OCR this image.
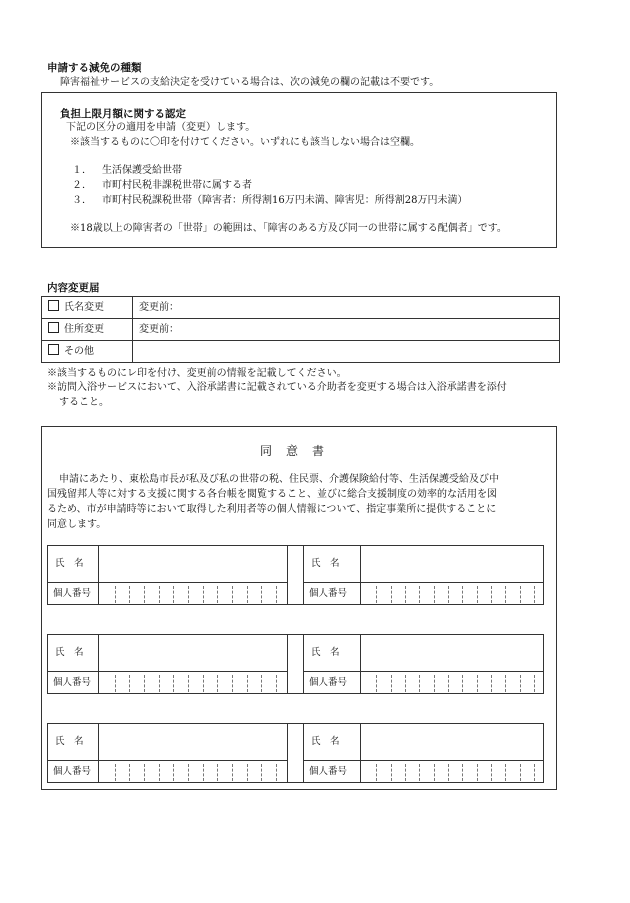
申請する減免の種類
障害福祉サービスの支給決定を受けている場合は、次の減免の欄の記載は不要です。
負担上限月額に関する認定
下記の区分の適用を申請（変更）します。
※該当するものに〇印を付けてください。いずれにも該当しない場合は空欄。
１． 生活保護受給世帯
２． 市町村民税非課税世帯に属する者
３． 市町村民税課税世帯（障害者：所得割16万円未満、障害児：所得割28万円未満）
※18歳以上の障害者の「世帯」の範囲は、「障害のある方及び同一の世帯に属する配偶者」です。
内容変更届
氏名変更	変更前：
住所変更	変更前：
その他	
※該当するものにレ印を付け、変更前の情報を記載してください。
※訪問入浴サービスにおいて、入浴承諾書に記載されている介助者を変更する場合は入浴承諾書を添付
すること。
同意書
申請にあたり、東松島市長が私及び私の世帯の税、住民票、介護保険給付等、生活保護受給及び中
国残留邦人等に対する支援に関する各台帳を閲覧すること、並びに総合支援制度の効率的な活用を図
るため、市が申請時等において取得した利用者等の個人情報について、指定事業所に提供することに
同意します。
氏　名
個人番号
氏　名
個人番号
氏　名
個人番号
氏　名
個人番号
氏　名
個人番号
氏　名
個人番号
